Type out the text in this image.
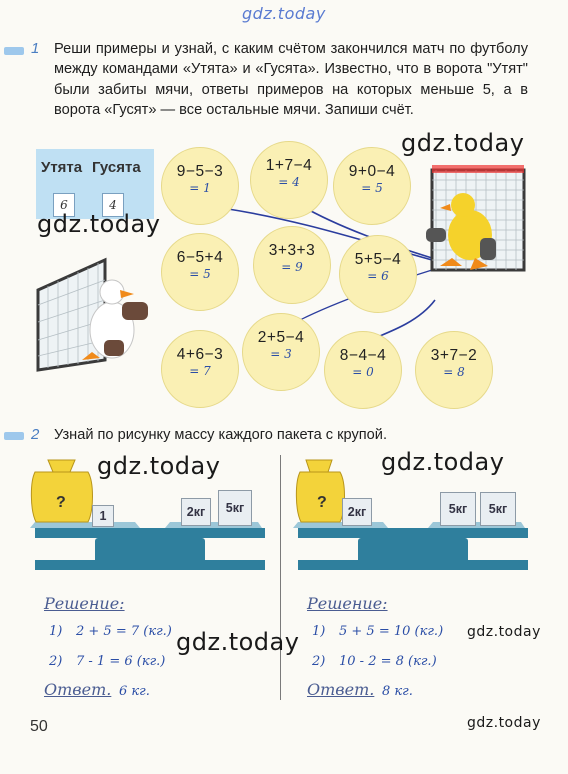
gdz.today
1 Реши примеры и узнай, с каким счётом закончился матч по футболу между командами «Утята» и «Гусята». Известно, что в ворота "Утят" были забиты мячи, ответы примеров на которых меньше 5, а в ворота «Гусят» — все остальные мячи. Запиши счёт.
Утята Гусята
6	4
9−5−3
= 1
1+7−4
= 4
9+0−4
= 5
6−5+4
= 5
3+3+3
= 9	5+5−4
= 6
4+6−3
= 7
2+5−4
= 3	8−4−4
= 0
3+7−2
= 8
gdz.today
gdz.today
2 Узнай по рисунку массу каждого пакета с крупой.
?
1	2кг	5кг	?
2кг	5кг	5кг
gdz.today	gdz.today
Решение:
1) 2 + 5 = 7 (кг.)
2) 7 - 1 = 6 (кг.)
Ответ. 6 кг.
Решение:
1) 5 + 5 = 10 (кг.)
2) 10 - 2 = 8 (кг.)
Ответ. 8 кг.
gdz.today	gdz.today
gdz.today
50
